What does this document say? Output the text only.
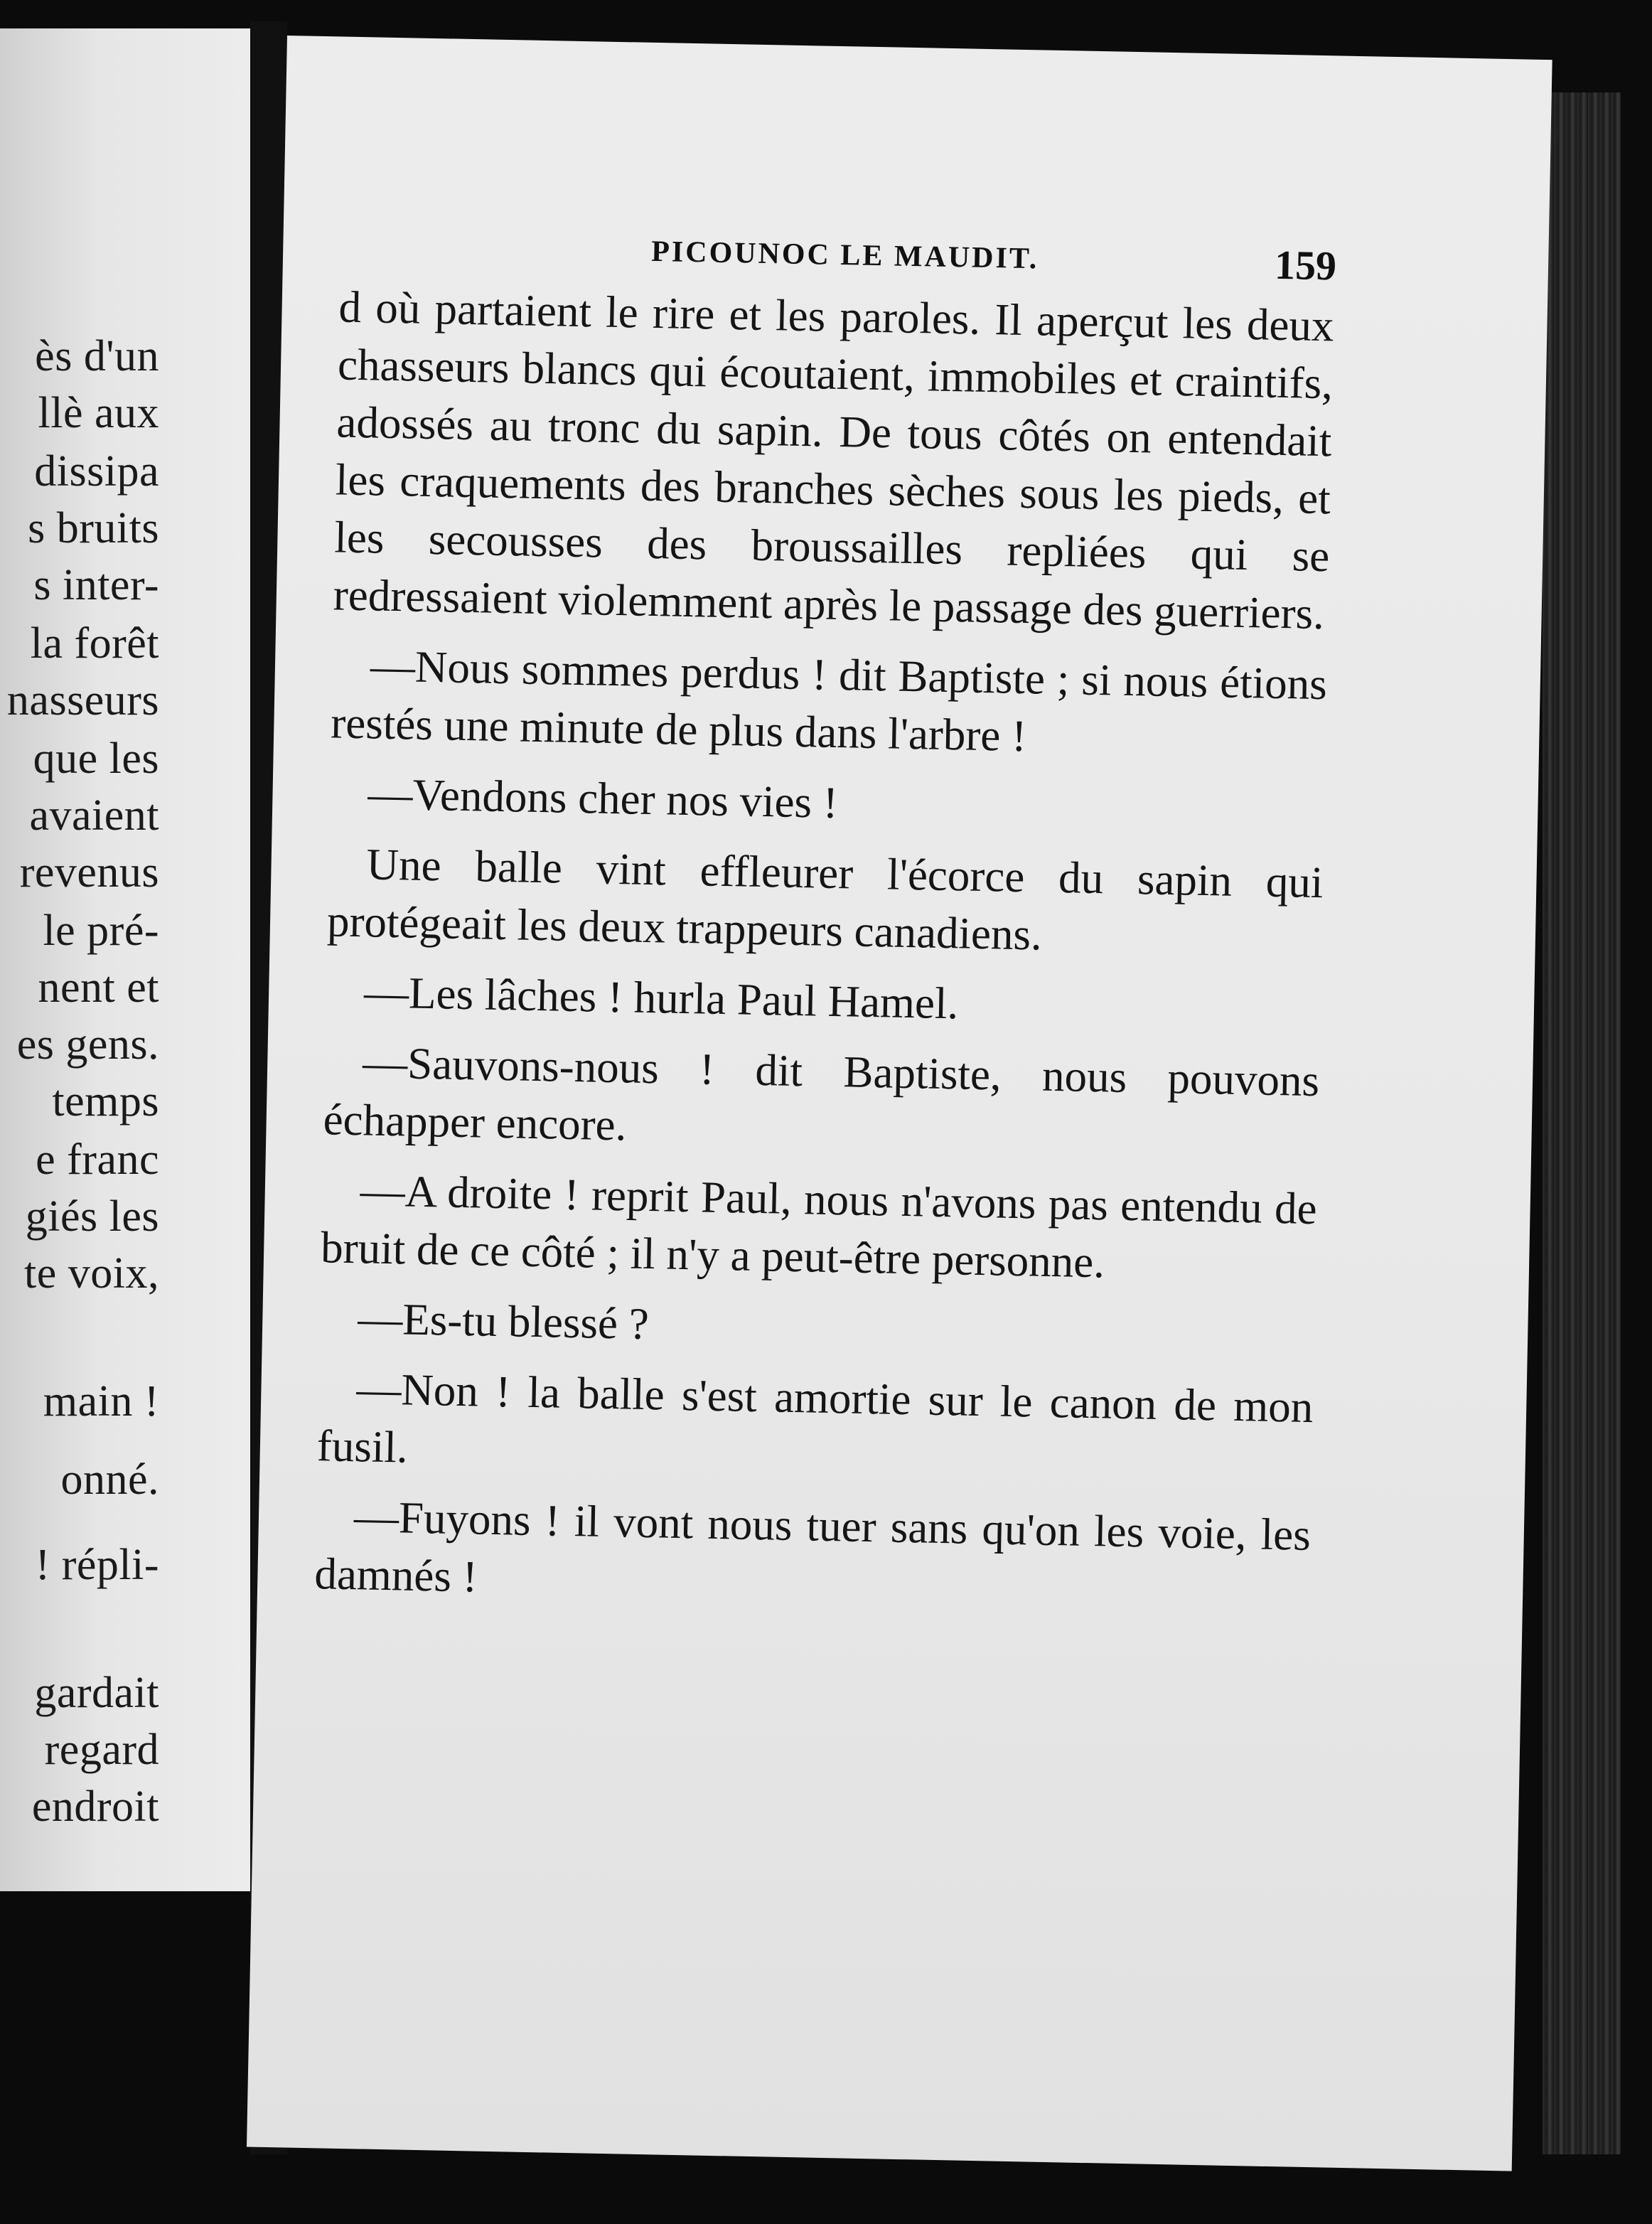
ès d'un
llè aux
dissipa
s bruits
s inter-
la forêt
nasseurs
que les
avaient
revenus
le pré-
nent et
es gens.
temps
e franc
giés les
te voix,
main !
onné.
! répli-
gardait
regard
endroit
PICOUNOC LE MAUDIT.	159

d où partaient le rire et les paroles. Il aperçut les deux chasseurs blancs qui écoutaient, immobiles et craintifs, adossés au tronc du sapin. De tous côtés on entendait les craquements des branches sèches sous les pieds, et les secousses des broussailles repliées qui se redressaient violemment après le passage des guerriers.

—Nous sommes perdus ! dit Baptiste ; si nous étions restés une minute de plus dans l'arbre !

—Vendons cher nos vies !

Une balle vint effleurer l'écorce du sapin qui protégeait les deux trappeurs canadiens.

—Les lâches ! hurla Paul Hamel.

—Sauvons-nous ! dit Baptiste, nous pouvons échapper encore.

—A droite ! reprit Paul, nous n'avons pas entendu de bruit de ce côté ; il n'y a peut-être personne.

—Es-tu blessé ?

—Non ! la balle s'est amortie sur le canon de mon fusil.

—Fuyons ! il vont nous tuer sans qu'on les voie, les damnés !
